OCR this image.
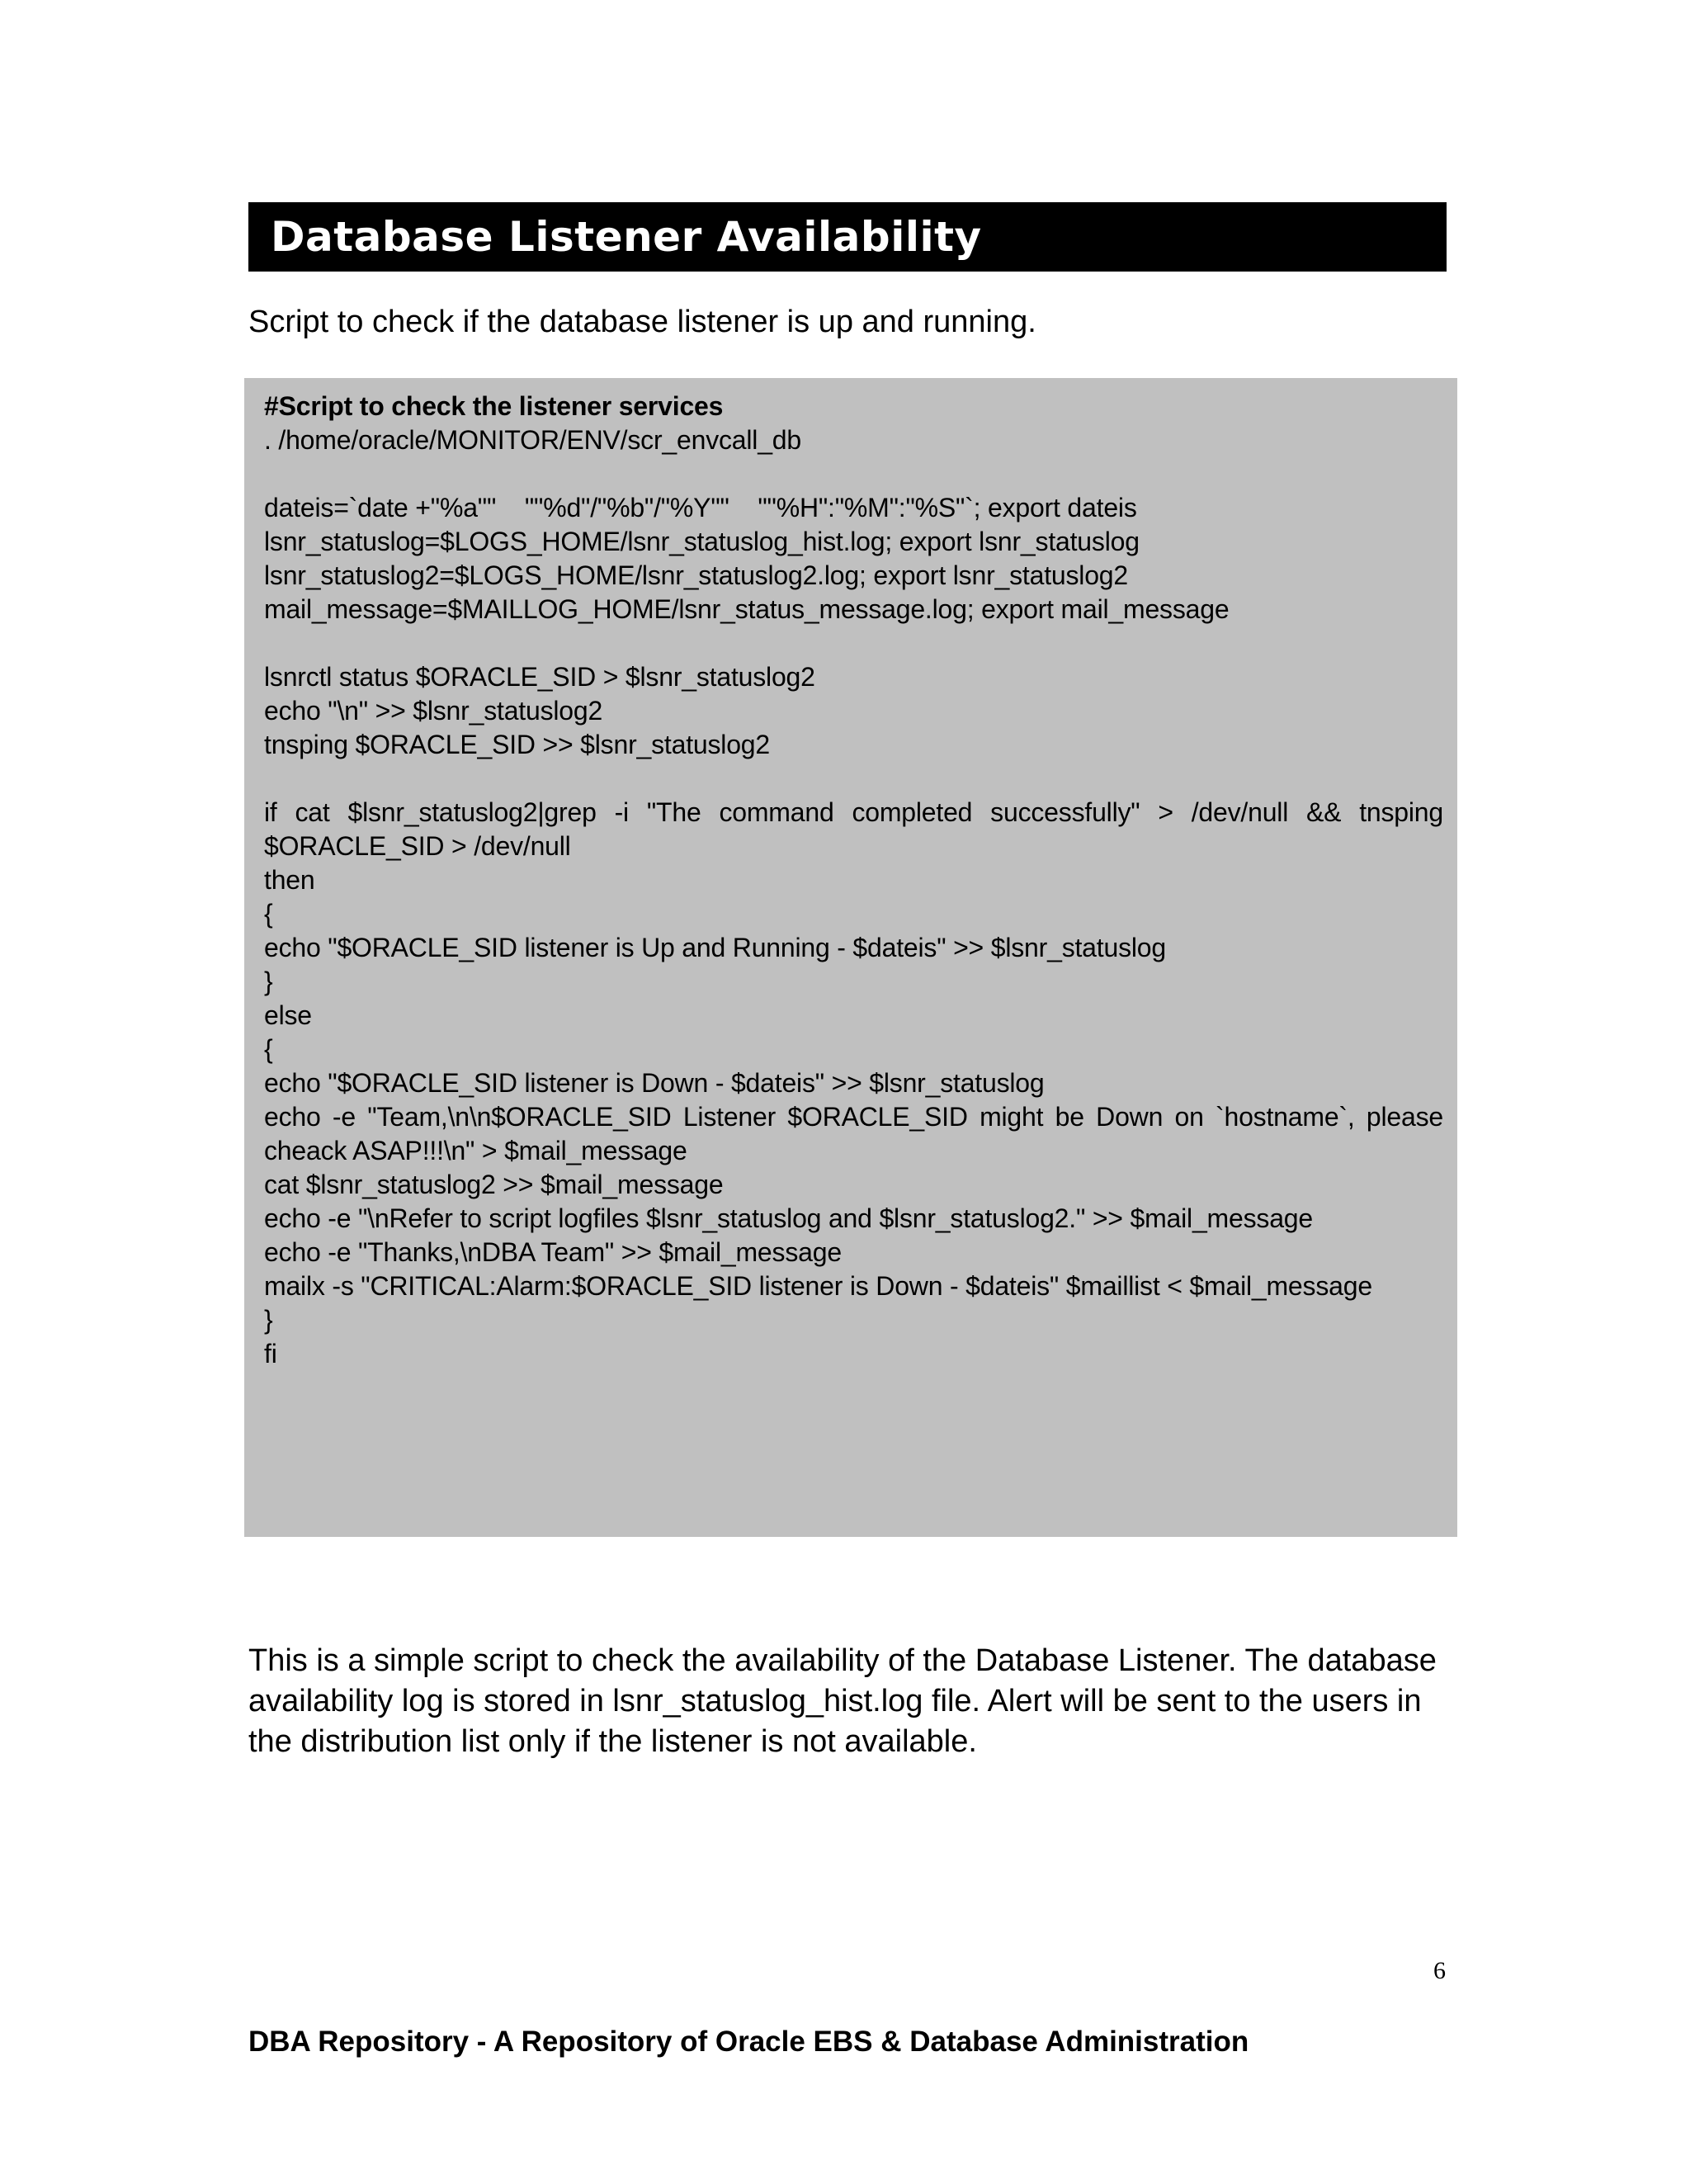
Database Listener Availability
Script to check if the database listener is up and running.
#Script to check the listener services
. /home/oracle/MONITOR/ENV/scr_envcall_db
dateis=`date +"%a""    ""%d"/"%b"/"%Y""    ""%H":"%M":"%S"`; export dateis
lsnr_statuslog=$LOGS_HOME/lsnr_statuslog_hist.log; export lsnr_statuslog
lsnr_statuslog2=$LOGS_HOME/lsnr_statuslog2.log; export lsnr_statuslog2
mail_message=$MAILLOG_HOME/lsnr_status_message.log; export mail_message
lsnrctl status $ORACLE_SID > $lsnr_statuslog2
echo "\n" >> $lsnr_statuslog2
tnsping $ORACLE_SID >> $lsnr_statuslog2
if cat $lsnr_statuslog2|grep -i "The command completed successfully" > /dev/null && tnsping
$ORACLE_SID > /dev/null
then
{
echo "$ORACLE_SID listener is Up and Running - $dateis" >> $lsnr_statuslog
}
else
{
echo "$ORACLE_SID listener is Down - $dateis" >> $lsnr_statuslog
echo -e "Team,\n\n$ORACLE_SID Listener $ORACLE_SID might be Down on `hostname`, please
cheack ASAP!!!\n" > $mail_message
cat $lsnr_statuslog2 >> $mail_message
echo -e "\nRefer to script logfiles $lsnr_statuslog and $lsnr_statuslog2." >> $mail_message
echo -e "Thanks,\nDBA Team" >> $mail_message
mailx -s "CRITICAL:Alarm:$ORACLE_SID listener is Down - $dateis" $maillist < $mail_message
}
fi
This is a simple script to check the availability of the Database Listener. The database availability log is stored in lsnr_statuslog_hist.log file. Alert will be sent to the users in the distribution list only if the listener is not available.
6
DBA Repository - A Repository of Oracle EBS & Database Administration
